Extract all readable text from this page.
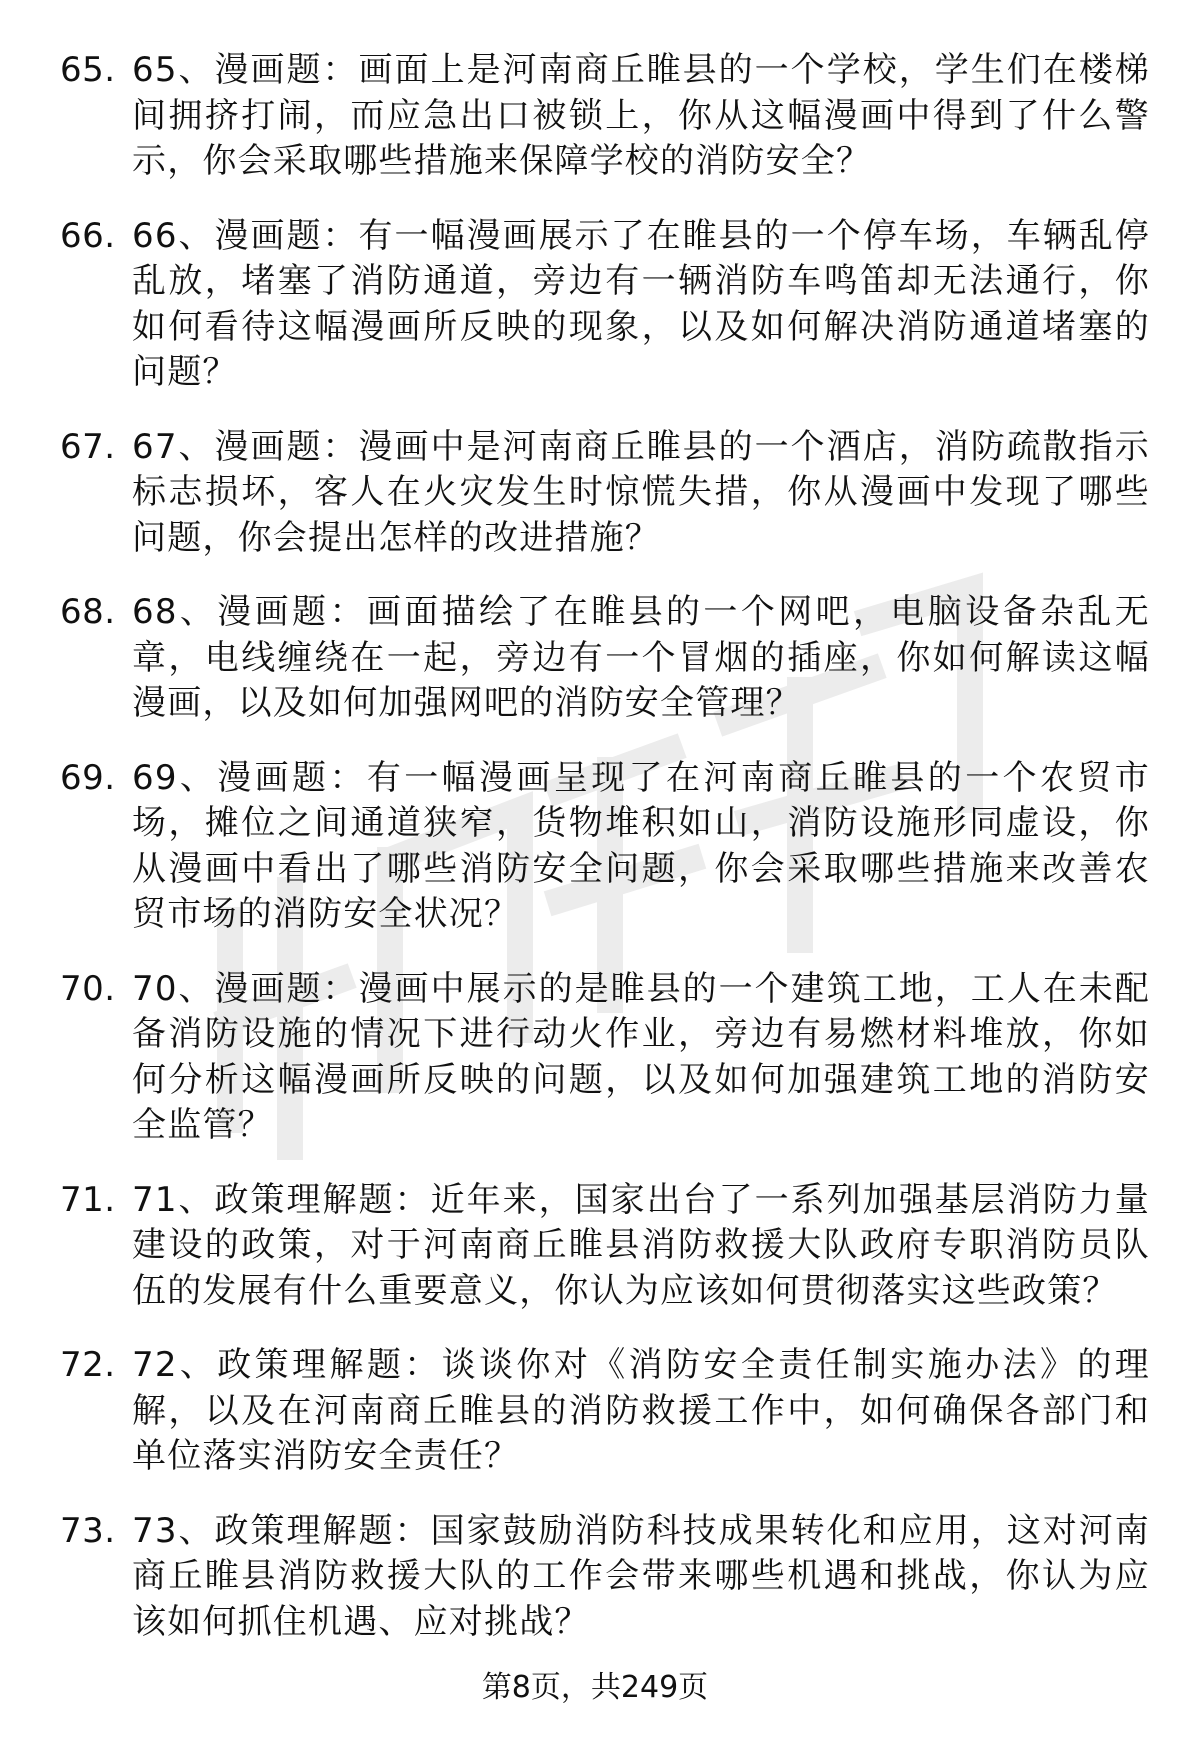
65. 65、漫画题：画面上是河南商丘睢县的一个学校，学生们在楼梯间拥挤打闹，而应急出口被锁上，你从这幅漫画中得到了什么警示，你会采取哪些措施来保障学校的消防安全？
66. 66、漫画题：有一幅漫画展示了在睢县的一个停车场，车辆乱停乱放，堵塞了消防通道，旁边有一辆消防车鸣笛却无法通行，你如何看待这幅漫画所反映的现象，以及如何解决消防通道堵塞的问题？
67. 67、漫画题：漫画中是河南商丘睢县的一个酒店，消防疏散指示标志损坏，客人在火灾发生时惊慌失措，你从漫画中发现了哪些问题，你会提出怎样的改进措施？
68. 68、漫画题：画面描绘了在睢县的一个网吧，电脑设备杂乱无章，电线缠绕在一起，旁边有一个冒烟的插座，你如何解读这幅漫画，以及如何加强网吧的消防安全管理？
69. 69、漫画题：有一幅漫画呈现了在河南商丘睢县的一个农贸市场，摊位之间通道狭窄，货物堆积如山，消防设施形同虚设，你从漫画中看出了哪些消防安全问题，你会采取哪些措施来改善农贸市场的消防安全状况？
70. 70、漫画题：漫画中展示的是睢县的一个建筑工地，工人在未配备消防设施的情况下进行动火作业，旁边有易燃材料堆放，你如何分析这幅漫画所反映的问题，以及如何加强建筑工地的消防安全监管？
71. 71、政策理解题：近年来，国家出台了一系列加强基层消防力量建设的政策，对于河南商丘睢县消防救援大队政府专职消防员队伍的发展有什么重要意义，你认为应该如何贯彻落实这些政策？
72. 72、政策理解题：谈谈你对《消防安全责任制实施办法》的理解，以及在河南商丘睢县的消防救援工作中，如何确保各部门和单位落实消防安全责任？
73. 73、政策理解题：国家鼓励消防科技成果转化和应用，这对河南商丘睢县消防救援大队的工作会带来哪些机遇和挑战，你认为应该如何抓住机遇、应对挑战？
第8页，共249页
